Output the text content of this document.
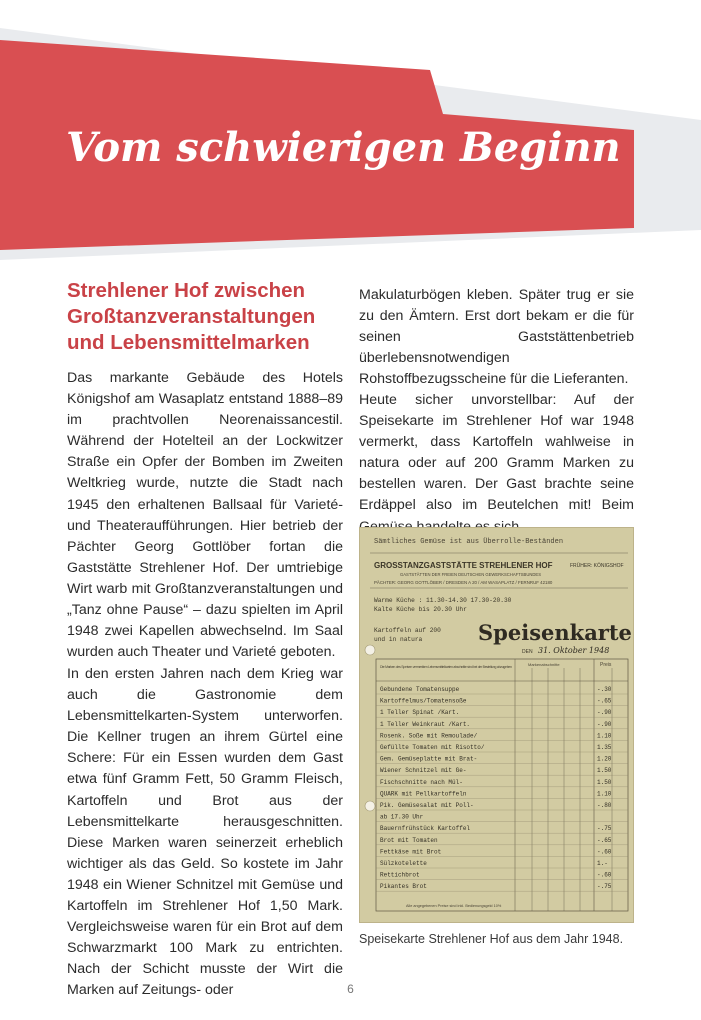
Vom schwierigen Beginn
Strehlener Hof zwischen Großtanzveranstaltungen und Lebensmittelmarken

Das markante Gebäude des Hotels Königshof am Wasaplatz entstand 1888–89 im prachtvollen Neorenaissancestil. Während der Hotelteil an der Lockwitzer Straße ein Opfer der Bomben im Zweiten Weltkrieg wurde, nutzte die Stadt nach 1945 den erhaltenen Ballsaal für Varieté- und Theateraufführungen. Hier betrieb der Pächter Georg Gottlöber fortan die Gaststätte Strehlener Hof. Der umtriebige Wirt warb mit Großtanzveranstaltungen und „Tanz ohne Pause“ – dazu spielten im April 1948 zwei Kapellen abwechselnd. Im Saal wurden auch Theater und Varieté geboten.

In den ersten Jahren nach dem Krieg war auch die Gastronomie dem Lebensmittelkarten-System unterworfen. Die Kellner trugen an ihrem Gürtel eine Schere: Für ein Essen wurden dem Gast etwa fünf Gramm Fett, 50 Gramm Fleisch, Kartoffeln und Brot aus der Lebensmittelkarte herausgeschnitten. Diese Marken waren seinerzeit erheblich wichtiger als das Geld. So kostete im Jahr 1948 ein Wiener Schnitzel mit Gemüse und Kartoffeln im Strehlener Hof 1,50 Mark. Vergleichsweise waren für ein Brot auf dem Schwarzmarkt 100 Mark zu entrichten. Nach der Schicht musste der Wirt die Marken auf Zeitungs- oder

Makulaturbögen kleben. Später trug er sie zu den Ämtern. Erst dort bekam er die für seinen Gaststättenbetrieb überlebensnotwendigen Rohstoffbezugsscheine für die Lieferanten.

Heute sicher unvorstellbar: Auf der Speisekarte im Strehlener Hof war 1948 vermerkt, dass Kartoffeln wahlweise in natura oder auf 200 Gramm Marken zu bestellen waren. Der Gast brachte seine Erdäppel also im Beutelchen mit! Beim

Sämtliches Gemüse ist aus Überrolle-Beständen
GROSSTANZGASTSTÄTTE STREHLENER HOF	FRÜHER: KÖNIGSHOF
GASTSTÄTTEN DER FREIEN DEUTSCHEN GEWERKSCHAFTSBUNDES
PÄCHTER: GEORG GOTTLÖBER / DRESDEN A 20 / AM WASAPLATZ / FERNRUF 42180
Warme Küche : 11.30-14.30 17.30-20.30
Kalte Küche bis 20.30 Uhr
Speisenkarte
Kartoffeln auf 200
und in natura
DEN 31. Oktober 1948
Die Marken des Speisen vermerkten Lebensmittelkarten abschnitte sind bei der Bestellung abzugeben	Markenabschnitte	Preis
Gebundene Tomatensuppe	-.30
Kartoffelmus/Tomatensoße	-.65
1 Teller Spinat /Kart.	-.90
1 Teller Weinkraut /Kart.	-.90
Rosenk. Soße mit Remoulade/	1.10
Gefüllte Tomaten mit Risotto/	1.35
Gem. Gemüseplatte mit Brat-	1.20
Wiener Schnitzel mit Ge-	1.50
Fischschnitte nach Mül-	1.50
QUARK mit Pellkartoffeln	1.10
Pik. Gemüsesalat mit Poll-	-.80
ab 17.30 Uhr
Bauernfrühstück Kartoffel	-.75
Brot mit Tomaten	-.65
Fettkäse mit Brot	-.60
Sülzkotelette	1.-
Rettichbrot	-.60
Pikantes Brot	-.75
Alle angegebenen Preise sind inkl. Bedienungsgeld 10%

Speisekarte Strehlener Hof aus dem Jahr 1948.

6
